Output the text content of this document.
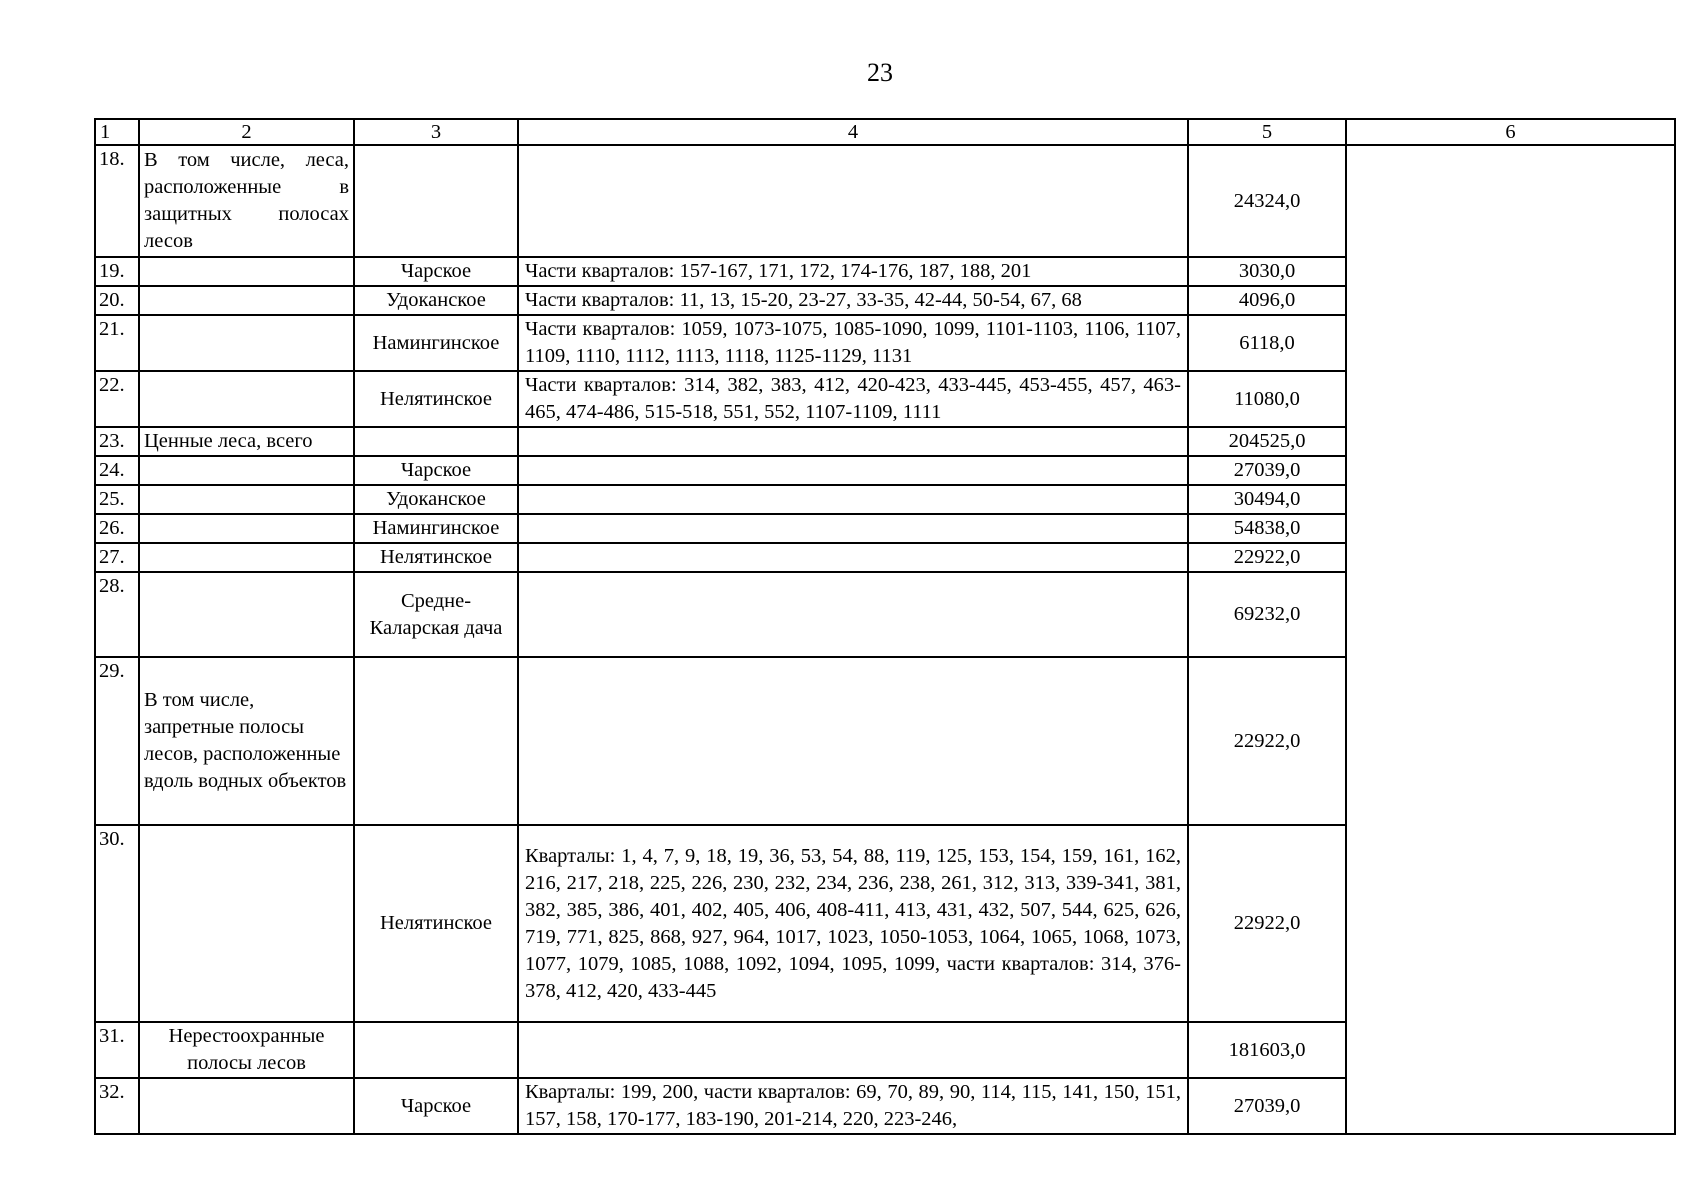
23
1	2	3	4	5	6
18.	В том числе, леса, расположенные в защитных полосах лесов			24324,0	
19.		Чарское	Части кварталов: 157-167, 171, 172, 174-176, 187, 188, 201	3030,0	
20.		Удоканское	Части кварталов: 11, 13, 15-20, 23-27, 33-35, 42-44, 50-54, 67, 68	4096,0	
21.		Намингинское	Части кварталов: 1059, 1073-1075, 1085-1090, 1099, 1101-1103, 1106, 1107, 1109, 1110, 1112, 1113, 1118, 1125-1129, 1131	6118,0	
22.		Нелятинское	Части кварталов: 314, 382, 383, 412, 420-423, 433-445, 453-455, 457, 463-465, 474-486, 515-518, 551, 552, 1107-1109, 1111	11080,0	
23.	Ценные леса, всего			204525,0	
24.		Чарское		27039,0	
25.		Удоканское		30494,0	
26.		Намингинское		54838,0	
27.		Нелятинское		22922,0	
28.		Средне-Каларская дача		69232,0	
29.	В том числе, запретные полосы лесов, расположенные вдоль водных объектов			22922,0	
30.		Нелятинское	Кварталы: 1, 4, 7, 9, 18, 19, 36, 53, 54, 88, 119, 125, 153, 154, 159, 161, 162, 216, 217, 218, 225, 226, 230, 232, 234, 236, 238, 261, 312, 313, 339-341, 381, 382, 385, 386, 401, 402, 405, 406, 408-411, 413, 431, 432, 507, 544, 625, 626, 719, 771, 825, 868, 927, 964, 1017, 1023, 1050-1053, 1064, 1065, 1068, 1073, 1077, 1079, 1085, 1088, 1092, 1094, 1095, 1099, части кварталов: 314, 376-378, 412, 420, 433-445	22922,0	
31.	Нерестоохранные полосы лесов			181603,0	
32.		Чарское	Кварталы: 199, 200, части кварталов: 69, 70, 89, 90, 114, 115, 141, 150, 151, 157, 158, 170-177, 183-190, 201-214, 220, 223-246,	27039,0	
